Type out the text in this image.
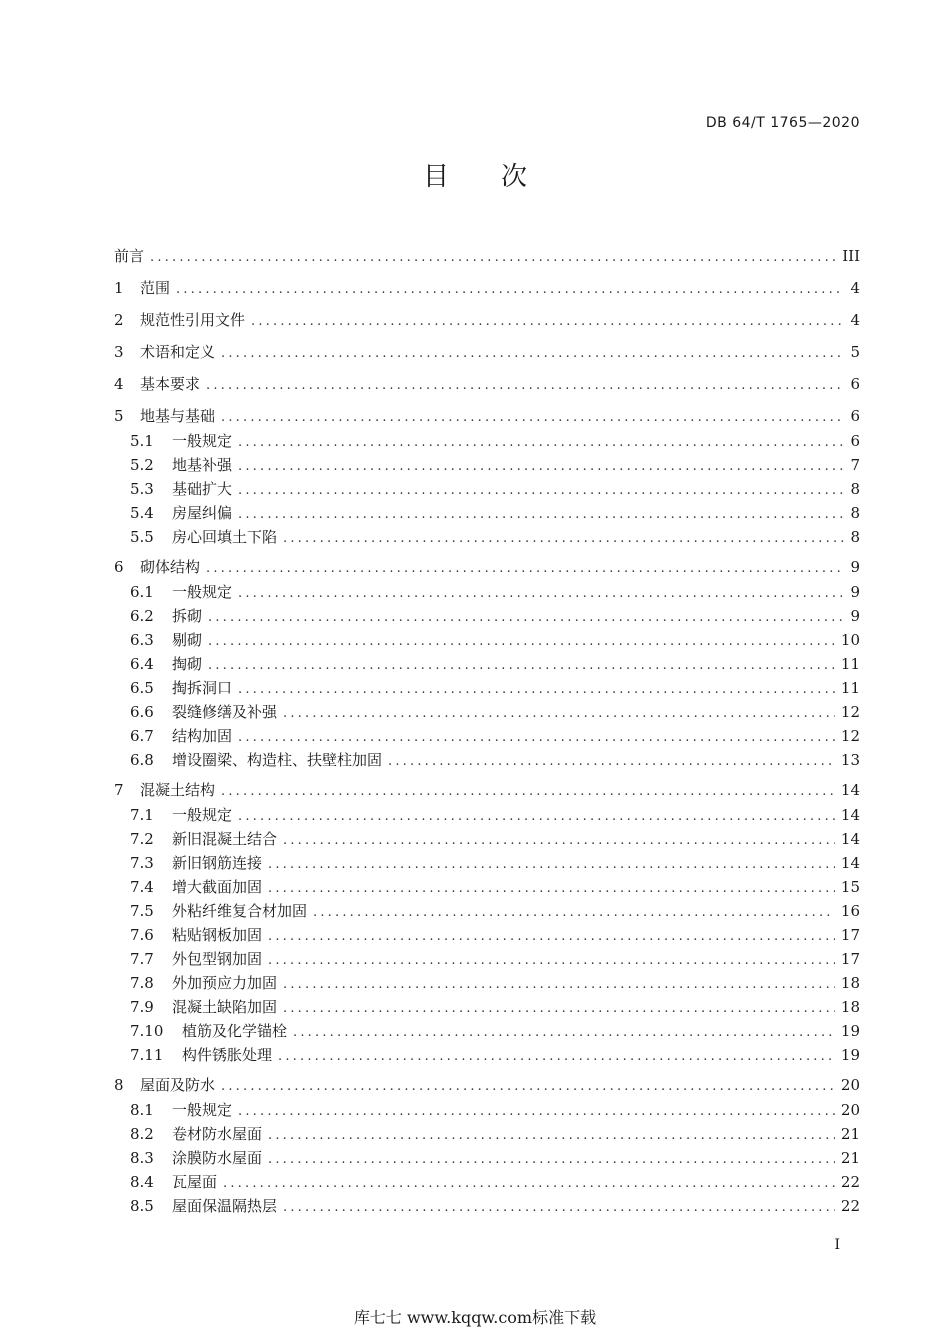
DB 64/T 1765—2020
目 次
前言 .....	III
1	范围 .....	4
2	规范性引用文件 .....	4
3	术语和定义 .....	5
4	基本要求 .....	6
5	地基与基础 .....	6
5.1	一般规定 .....	6
5.2	地基补强 .....	7
5.3	基础扩大 .....	8
5.4	房屋纠偏 .....	8
5.5	房心回填土下陷 .....	8
6	砌体结构 .....	9
6.1	一般规定 .....	9
6.2	拆砌 .....	9
6.3	剔砌 .....	10
6.4	掏砌 .....	11
6.5	掏拆洞口 .....	11
6.6	裂缝修缮及补强 .....	12
6.7	结构加固 .....	12
6.8	增设圈梁、构造柱、扶壁柱加固 .....	13
7	混凝土结构 .....	14
7.1	一般规定 .....	14
7.2	新旧混凝土结合 .....	14
7.3	新旧钢筋连接 .....	14
7.4	增大截面加固 .....	15
7.5	外粘纤维复合材加固 .....	16
7.6	粘贴钢板加固 .....	17
7.7	外包型钢加固 .....	17
7.8	外加预应力加固 .....	18
7.9	混凝土缺陷加固 .....	18
7.10	植筋及化学锚栓 .....	19
7.11	构件锈胀处理 .....	19
8	屋面及防水 .....	20
8.1	一般规定 .....	20
8.2	卷材防水屋面 .....	21
8.3	涂膜防水屋面 .....	21
8.4	瓦屋面 .....	22
8.5	屋面保温隔热层 .....	22
I
库七七 www.kqqw.com标准下载
